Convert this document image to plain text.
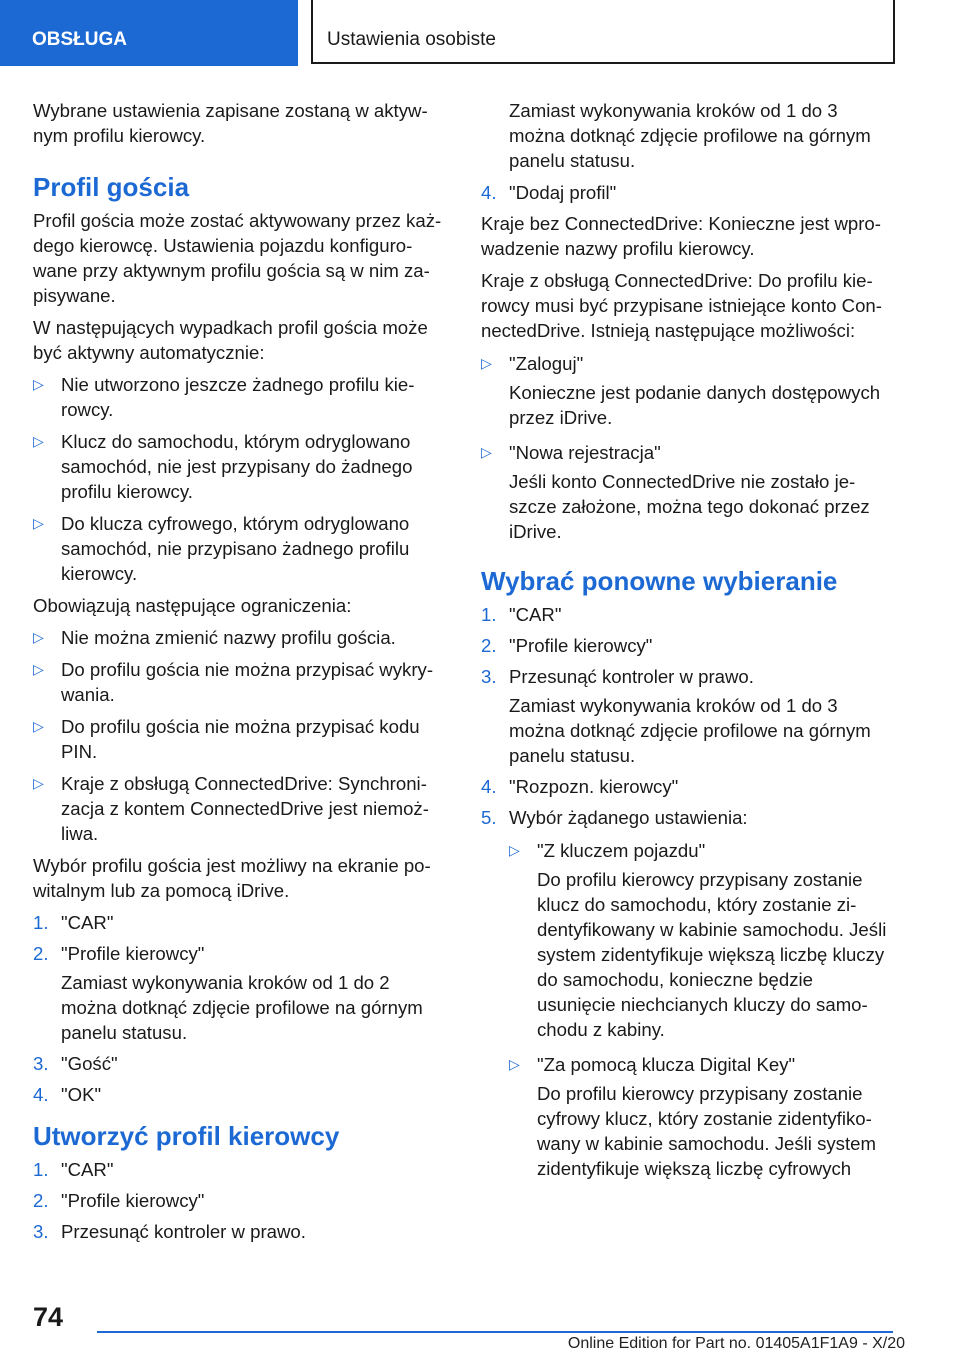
OBSŁUGA	Ustawienia osobiste

Wybrane ustawienia zapisane zostaną w aktywnym profilu kierowcy.

Profil gościa

Profil gościa może zostać aktywowany przez każdego kierowcę. Ustawienia pojazdu konfigurowane przy aktywnym profilu gościa są w nim zapisywane.

W następujących wypadkach profil gościa może być aktywny automatycznie:

▷ Nie utworzono jeszcze żadnego profilu kierowcy.
▷ Klucz do samochodu, którym odryglowano samochód, nie jest przypisany do żadnego profilu kierowcy.
▷ Do klucza cyfrowego, którym odryglowano samochód, nie przypisano żadnego profilu kierowcy.

Obowiązują następujące ograniczenia:

▷ Nie można zmienić nazwy profilu gościa.
▷ Do profilu gościa nie można przypisać wykrywania.
▷ Do profilu gościa nie można przypisać kodu PIN.
▷ Kraje z obsługą ConnectedDrive: Synchronizacja z kontem ConnectedDrive jest niemożliwa.

Wybór profilu gościa jest możliwy na ekranie powitalnym lub za pomocą iDrive.

1. "CAR"
2. "Profile kierowcy"
Zamiast wykonywania kroków od 1 do 2 można dotknąć zdjęcie profilowe na górnym panelu statusu.
3. "Gość"
4. "OK"
Utworzyć profil kierowcy
1. "CAR"
2. "Profile kierowcy"
3. Przesunąć kontroler w prawo.
Zamiast wykonywania kroków od 1 do 3 można dotknąć zdjęcie profilowe na górnym panelu statusu.
4. "Dodaj profil"

Kraje bez ConnectedDrive: Konieczne jest wprowadzenie nazwy profilu kierowcy.

Kraje z obsługą ConnectedDrive: Do profilu kierowcy musi być przypisane istniejące konto ConnectedDrive. Istnieją następujące możliwości:

▷ "Zaloguj"
Konieczne jest podanie danych dostępowych przez iDrive.
▷ "Nowa rejestracja"
Jeśli konto ConnectedDrive nie zostało jeszcze założone, można tego dokonać przez iDrive.
Wybrać ponowne wybieranie
1. "CAR"
2. "Profile kierowcy"
3. Przesunąć kontroler w prawo.
Zamiast wykonywania kroków od 1 do 3 można dotknąć zdjęcie profilowe na górnym panelu statusu.
4. "Rozpozn. kierowcy"
5. Wybór żądanego ustawienia:
▷ "Z kluczem pojazdu"
Do profilu kierowcy przypisany zostanie klucz do samochodu, który zostanie zidentyfikowany w kabinie samochodu. Jeśli system zidentyfikuje większą liczbę kluczy do samochodu, konieczne będzie usunięcie niechcianych kluczy do samochodu z kabiny.
▷ "Za pomocą klucza Digital Key"
Do profilu kierowcy przypisany zostanie cyfrowy klucz, który zostanie zidentyfikowany w kabinie samochodu. Jeśli system zidentyfikuje większą liczbę cyfrowych
74
Online Edition for Part no. 01405A1F1A9 - X/20
